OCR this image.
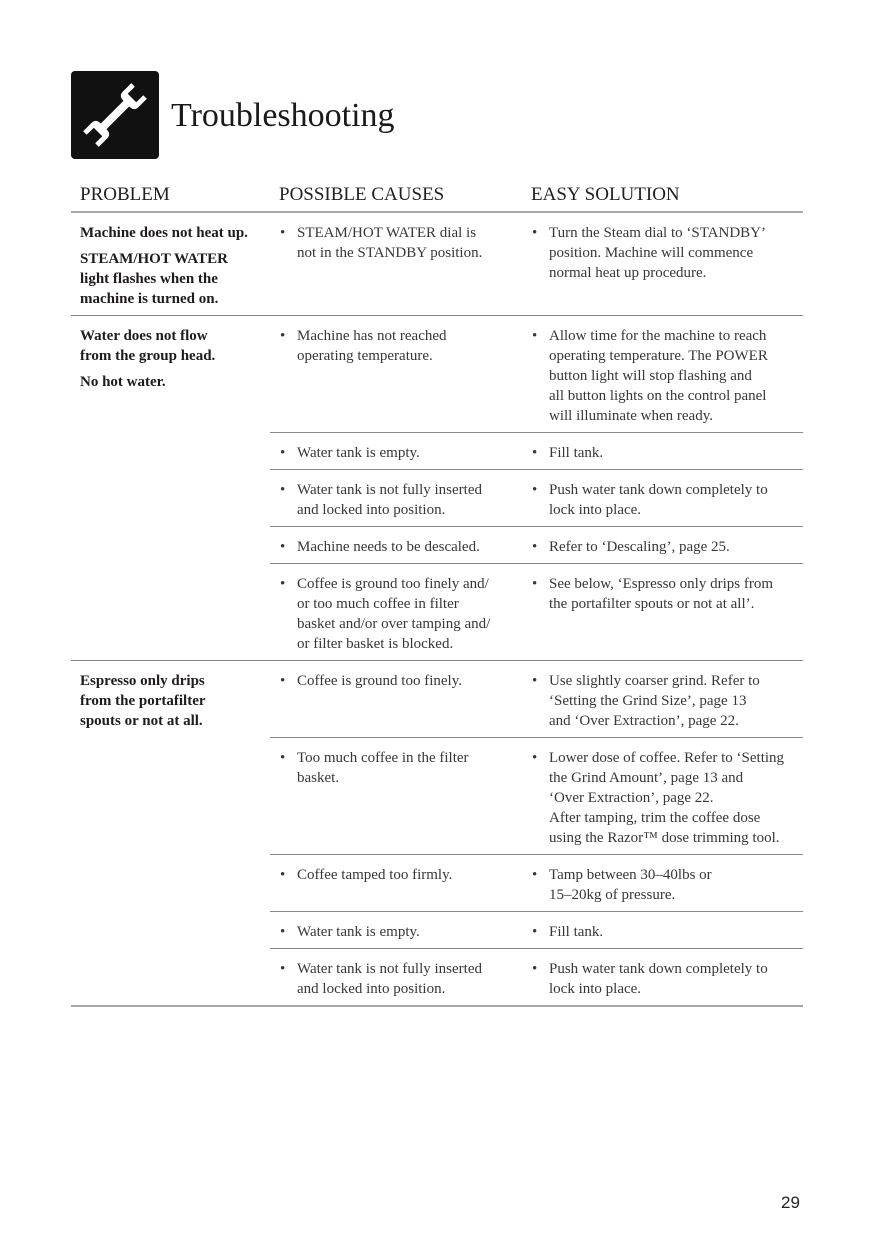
Troubleshooting
PROBLEM	POSSIBLE CAUSES	EASY SOLUTION

Machine does not heat up.

STEAM/HOT WATER
light flashes when the
machine is turned on.

• STEAM/HOT WATER dial is
not in the STANDBY position.
• Turn the Steam dial to ‘STANDBY’
position. Machine will commence
normal heat up procedure.

Water does not flow
from the group head.

No hot water.

• Machine has not reached
operating temperature.
• Allow time for the machine to reach
operating temperature. The POWER
button light will stop flashing and
all button lights on the control panel
will illuminate when ready.
• Water tank is empty.	• Fill tank.
• Water tank is not fully inserted
and locked into position.
• Push water tank down completely to
lock into place.
• Machine needs to be descaled.	• Refer to ‘Descaling’, page 25.
• Coffee is ground too finely and/
or too much coffee in filter
basket and/or over tamping and/
or filter basket is blocked.
• See below, ‘Espresso only drips from
the portafilter spouts or not at all’.

Espresso only drips
from the portafilter
spouts or not at all.

• Coffee is ground too finely.	• Use slightly coarser grind. Refer to
‘Setting the Grind Size’, page 13
and ‘Over Extraction’, page 22.
• Too much coffee in the filter
basket.
• Lower dose of coffee. Refer to ‘Setting
the Grind Amount’, page 13 and
‘Over Extraction’, page 22.
After tamping, trim the coffee dose
using the Razor™ dose trimming tool.
• Coffee tamped too firmly.	• Tamp between 30–40lbs or
15–20kg of pressure.
• Water tank is empty.	• Fill tank.
• Water tank is not fully inserted
and locked into position.
• Push water tank down completely to
lock into place.
29
